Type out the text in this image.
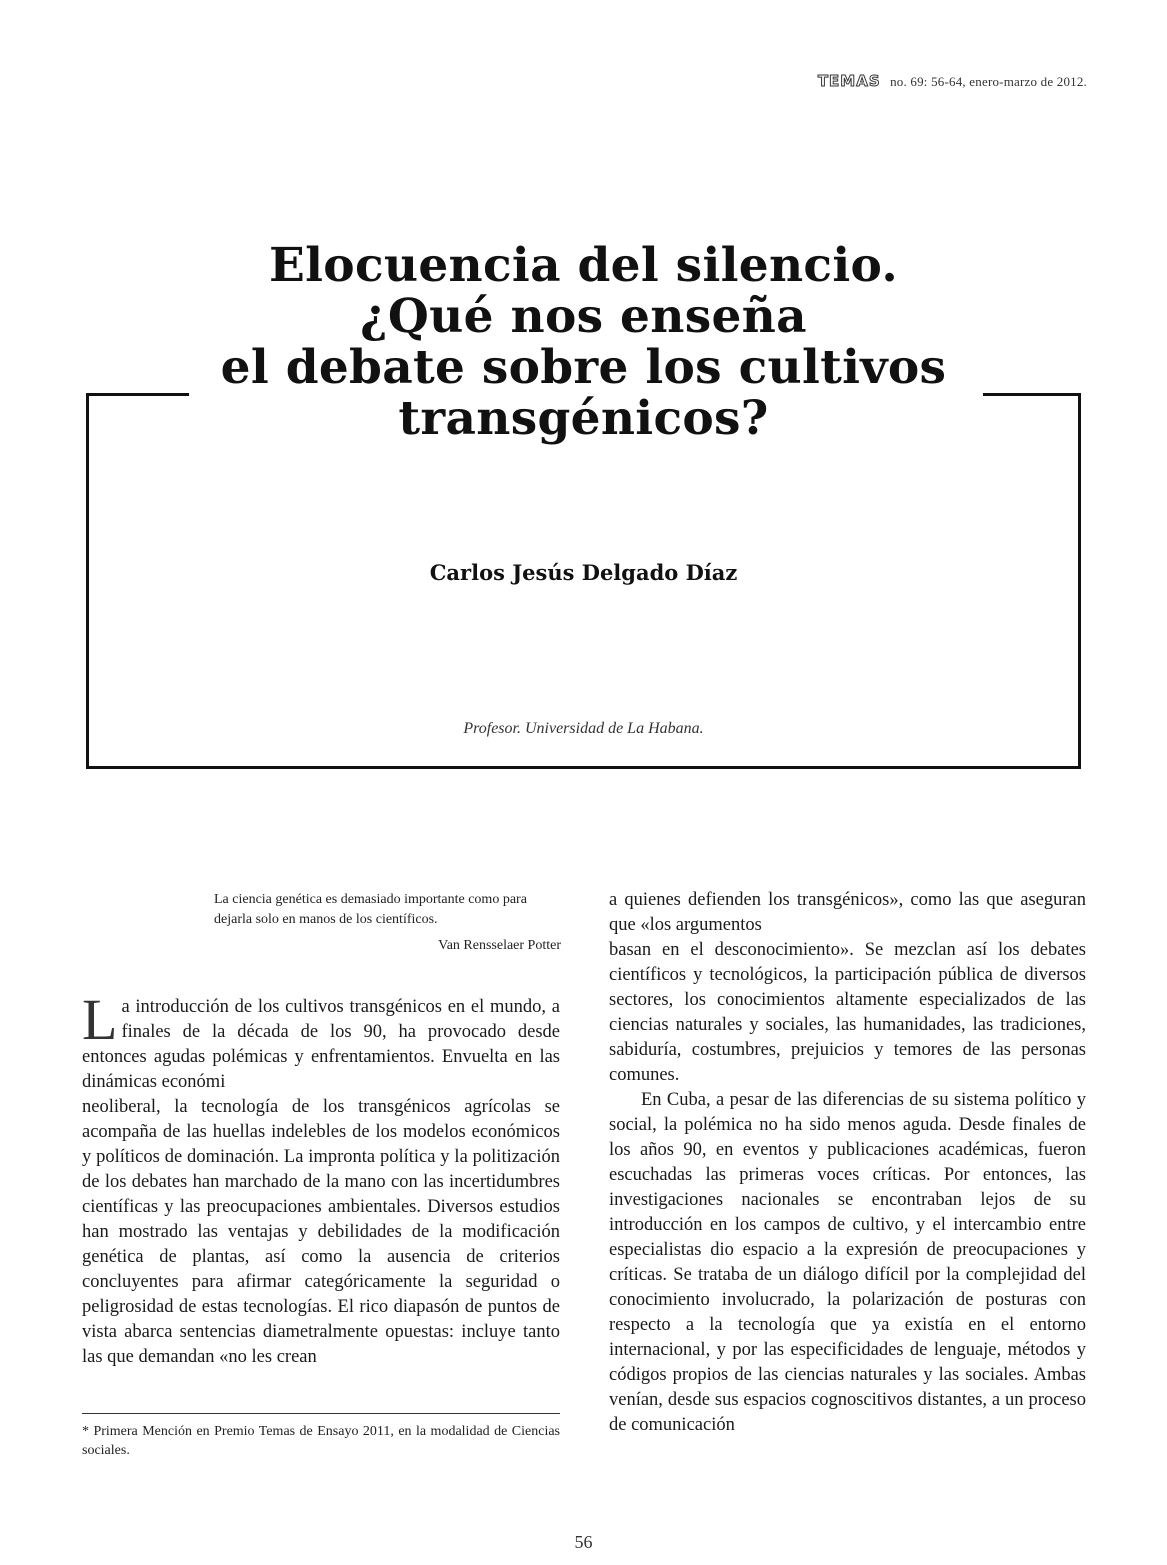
TEMAS no. 69: 56-64, enero-marzo de 2012.
Elocuencia del silencio.
¿Qué nos enseña
el debate sobre los cultivos
transgénicos?
Carlos Jesús Delgado Díaz
Profesor. Universidad de La Habana.
La ciencia genética es demasiado importante como para dejarla solo en manos de los científicos.
Van Rensselaer Potter

L a introducción de los cultivos transgénicos en el mundo, a finales de la década de los 90, ha provocado desde entonces agudas polémicas y enfrentamientos. Envuelta en las dinámicas económi

neoliberal, la tecnología de los transgénicos agrícolas se acompaña de las huellas indelebles de los modelos económicos y políticos de dominación. La impronta política y la politización de los debates han marchado de la mano con las incertidumbres científicas y las preocupaciones ambientales. Diversos estudios han mostrado las ventajas y debilidades de la modificación genética de plantas, así como la ausencia de criterios concluyentes para afirmar categóricamente la seguridad o peligrosidad de estas tecnologías. El rico diapasón de puntos de vista abarca sentencias diametralmente opuestas: incluye tanto las que demandan «no les crean

* Primera Mención en Premio Temas de Ensayo 2011, en la modalidad de Ciencias sociales.

a quienes defienden los transgénicos», como las que aseguran que «los argumentos

basan en el desconocimiento». Se mezclan así los debates científicos y tecnológicos, la participación pública de diversos sectores, los conocimientos altamente especializados de las ciencias naturales y sociales, las humanidades, las tradiciones, sabiduría, costumbres, prejuicios y temores de las personas comunes.

En Cuba, a pesar de las diferencias de su sistema político y social, la polémica no ha sido menos aguda. Desde finales de los años 90, en eventos y publicaciones académicas, fueron escuchadas las primeras voces críticas. Por entonces, las investigaciones nacionales se encontraban lejos de su introducción en los campos de cultivo, y el intercambio entre especialistas dio espacio a la expresión de preocupaciones y críticas. Se trataba de un diálogo difícil por la complejidad del conocimiento involucrado, la polarización de posturas con respecto a la tecnología que ya existía en el entorno internacional, y por las especificidades de lenguaje, métodos y códigos propios de las ciencias naturales y las sociales. Ambas venían, desde sus espacios cognoscitivos distantes, a un proceso de comunicación

56
